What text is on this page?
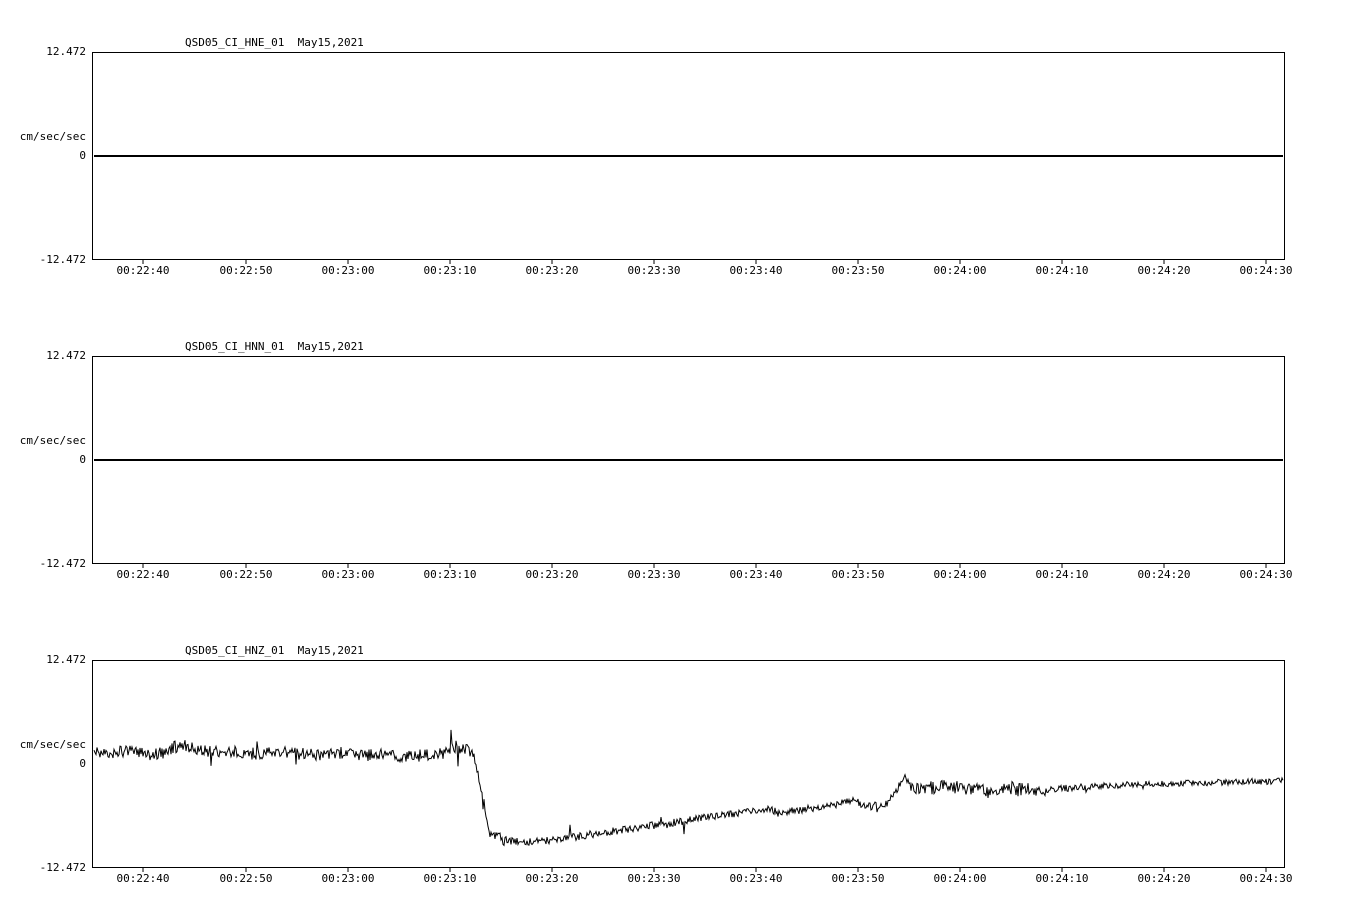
QSD05_CI_HNE_01  May15,2021
12.472
cm/sec/sec
0
-12.472
00:22:40	00:22:50	00:23:00	00:23:10	00:23:20	00:23:30	00:23:40	00:23:50	00:24:00	00:24:10	00:24:20	00:24:30
QSD05_CI_HNN_01  May15,2021
12.472
cm/sec/sec
0
-12.472
00:22:40	00:22:50	00:23:00	00:23:10	00:23:20	00:23:30	00:23:40	00:23:50	00:24:00	00:24:10	00:24:20	00:24:30
QSD05_CI_HNZ_01  May15,2021
12.472
cm/sec/sec
0
-12.472
00:22:40	00:22:50	00:23:00	00:23:10	00:23:20	00:23:30	00:23:40	00:23:50	00:24:00	00:24:10	00:24:20	00:24:30
